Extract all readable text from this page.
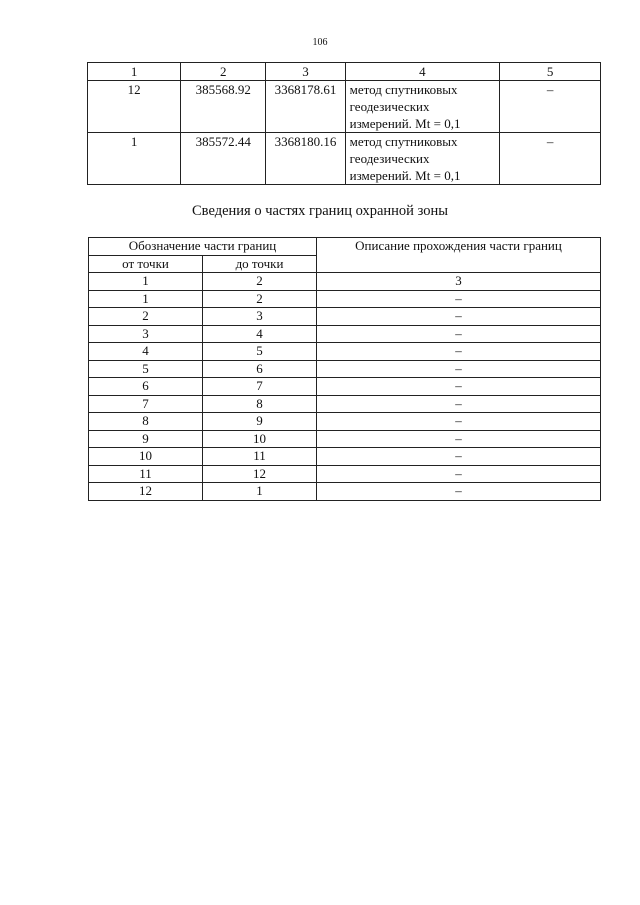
106
1	2	3	4	5
12	385568.92	3368178.61	метод спутниковых
геодезических
измерений. Mt = 0,1	–
1	385572.44	3368180.16	метод спутниковых
геодезических
измерений. Mt = 0,1	–
Сведения о частях границ охранной зоны
Обозначение части границ		Описание прохождения части границ
от точки	до точки	
1	2	3
1	2	–
2	3	–
3	4	–
4	5	–
5	6	–
6	7	–
7	8	–
8	9	–
9	10	–
10	11	–
11	12	–
12	1	–
